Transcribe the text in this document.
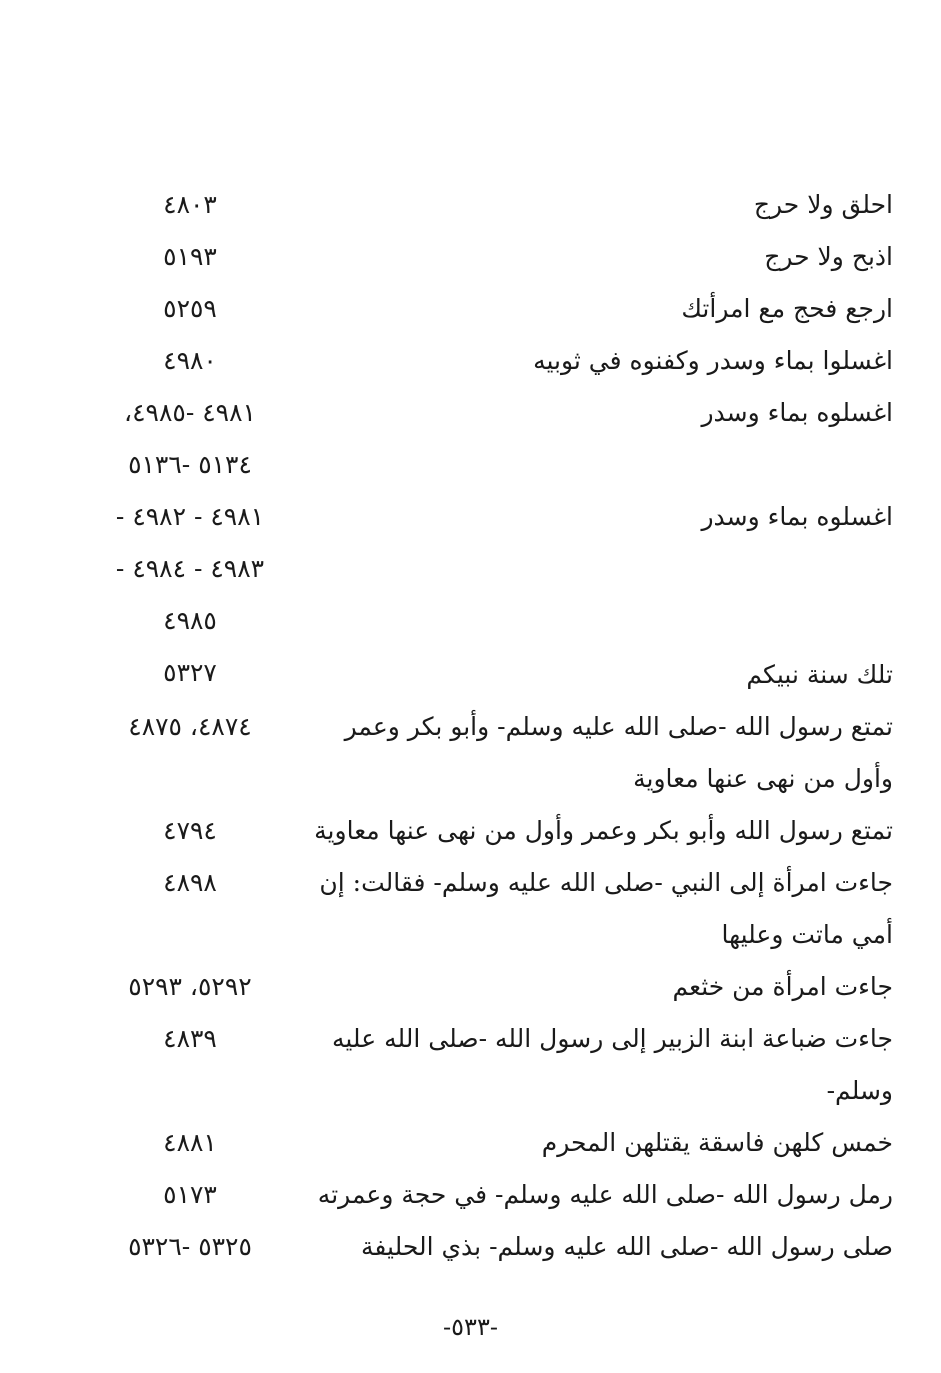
احلق ولا حرج
٤٨٠٣
اذبح ولا حرج
٥١٩٣
ارجع فحج مع امرأتك
٥٢٥٩
اغسلوا بماء وسدر وكفنوه في ثوبيه
٤٩٨٠
اغسلوه بماء وسدر
٤٩٨١ -٤٩٨٥،
٥١٣٤ -٥١٣٦
اغسلوه بماء وسدر
٤٩٨١ - ٤٩٨٢ -
٤٩٨٣ - ٤٩٨٤ -
٤٩٨٥
٥٣٢٧	تلك سنة نبيكم
تمتع رسول الله -صلى الله عليه وسلم- وأبو بكر وعمر
٤٨٧٤، ٤٨٧٥
وأول من نهى عنها معاوية
تمتع رسول الله وأبو بكر وعمر وأول من نهى عنها معاوية
٤٧٩٤
جاءت امرأة إلى النبي -صلى الله عليه وسلم- فقالت: إن
٤٨٩٨
أمي ماتت وعليها
جاءت امرأة من خثعم
٥٢٩٢، ٥٢٩٣
جاءت ضباعة ابنة الزبير إلى رسول الله -صلى الله عليه
٤٨٣٩
وسلم-
خمس كلهن فاسقة يقتلهن المحرم
٤٨٨١
رمل رسول الله -صلى الله عليه وسلم- في حجة وعمرته
٥١٧٣
صلى رسول الله -صلى الله عليه وسلم- بذي الحليفة
٥٣٢٥ -٥٣٢٦
-٥٣٣-
